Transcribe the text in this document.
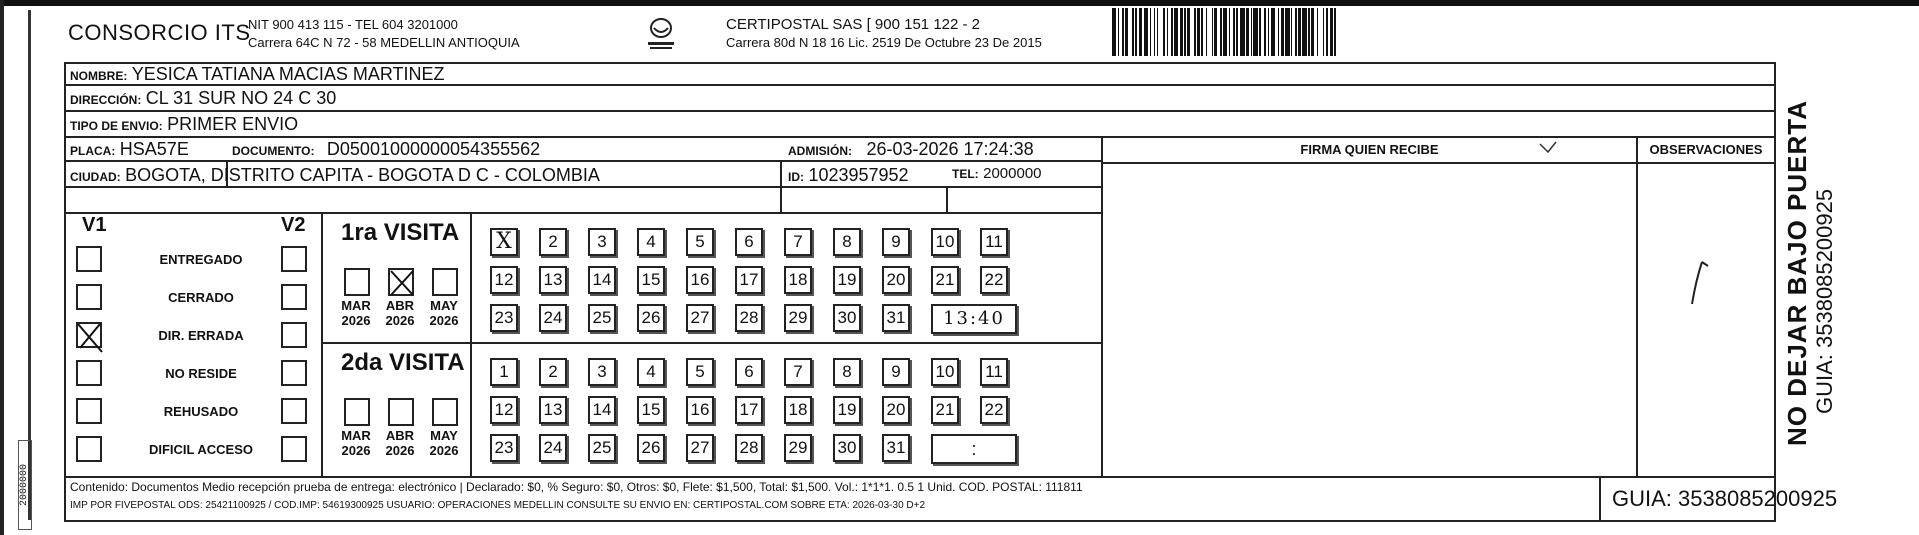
2000000
CONSORCIO ITS
NIT 900 413 115 - TEL 604 3201000
Carrera 64C N 72 - 58 MEDELLIN ANTIOQUIA
CERTIPOSTAL SAS [ 900 151 122 - 2
Carrera 80d N 18 16 Lic. 2519 De Octubre 23 De 2015
NOMBRE: YESICA TATIANA MACIAS MARTINEZ
DIRECCIÓN: CL 31 SUR NO 24 C 30
TIPO DE ENVIO: PRIMER ENVIO
PLACA: HSA57E	DOCUMENTO: D05001000000054355562	ADMISIÓN: 26-03-2026 17:24:38
CIUDAD: BOGOTA, DISTRITO CAPITA - BOGOTA D C - COLOMBIA	ID: 1023957952	TEL: 2000000
FIRMA QUIEN RECIBE	OBSERVACIONES
V1	V2 1ra VISITA
2da VISITA
Contenido: Documentos Medio recepción prueba de entrega: electrónico | Declarado: $0, % Seguro: $0, Otros: $0, Flete: $1,500, Total: $1,500. Vol.: 1*1*1. 0.5 1 Unid. COD. POSTAL: 111811
IMP POR FIVEPOSTAL ODS: 25421100925 / COD.IMP: 54619300925 USUARIO: OPERACIONES MEDELLIN CONSULTE SU ENVIO EN: CERTIPOSTAL.COM SOBRE ETA: 2026-03-30 D+2	GUIA: 3538085200925
ENTREGADO
CERRADO
DIR. ERRADA
NO RESIDE
REHUSADO
DIFICIL ACCESO
MAR
2026
ABR
2026
MAY
2026
MAR
2026
ABR
2026
MAY
2026
X	2	3	4	5	6	7	8	9	10	11
12 13 14 15 16 17 18 19 20 21 22
23 24 25 26 27 28 29 30 31	13:40
1	2	3	4	5	6	7	8	9	10	11
12 13 14 15 16 17 18 19 20 21 22
23 24 25 26 27 28 29 30 31	:
NO DEJAR BAJO PUERTA GUIA: 3538085200925
